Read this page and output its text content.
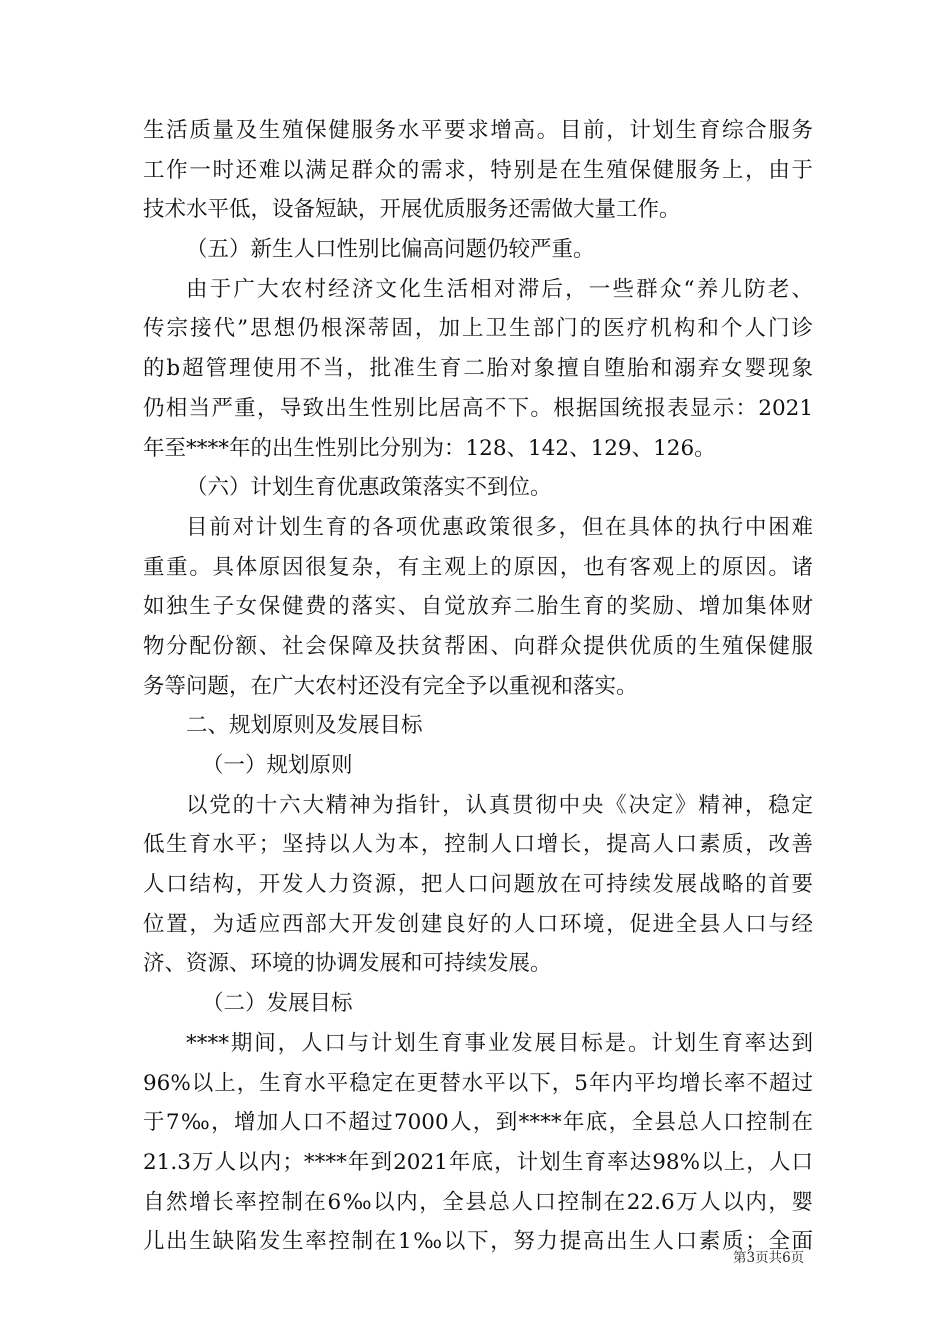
生活质量及生殖保健服务水平要求增高。目前，计划生育综合服务
工作一时还难以满足群众的需求，特别是在生殖保健服务上，由于
技术水平低，设备短缺，开展优质服务还需做大量工作。
（五）新生人口性别比偏高问题仍较严重。
由于广大农村经济文化生活相对滞后，一些群众“养儿防老、
传宗接代”思想仍根深蒂固，加上卫生部门的医疗机构和个人门诊
的b超管理使用不当，批准生育二胎对象擅自堕胎和溺弃女婴现象
仍相当严重，导致出生性别比居高不下。根据国统报表显示：2021
年至****年的出生性别比分别为：128、142、129、126。
（六）计划生育优惠政策落实不到位。
目前对计划生育的各项优惠政策很多，但在具体的执行中困难
重重。具体原因很复杂，有主观上的原因，也有客观上的原因。诸
如独生子女保健费的落实、自觉放弃二胎生育的奖励、增加集体财
物分配份额、社会保障及扶贫帮困、向群众提供优质的生殖保健服
务等问题，在广大农村还没有完全予以重视和落实。
二、规划原则及发展目标
（一）规划原则
以党的十六大精神为指针，认真贯彻中央《决定》精神，稳定
低生育水平；坚持以人为本，控制人口增长，提高人口素质，改善
人口结构，开发人力资源，把人口问题放在可持续发展战略的首要
位置，为适应西部大开发创建良好的人口环境，促进全县人口与经
济、资源、环境的协调发展和可持续发展。
（二）发展目标
****期间，人口与计划生育事业发展目标是。计划生育率达到
96%以上，生育水平稳定在更替水平以下，5年内平均增长率不超过
于7‰，增加人口不超过7000人，到****年底，全县总人口控制在
21.3万人以内；****年到2021年底，计划生育率达98%以上，人口
自然增长率控制在6‰以内，全县总人口控制在22.6万人以内，婴
儿出生缺陷发生率控制在1‰以下，努力提高出生人口素质；全面
第3页共6页
